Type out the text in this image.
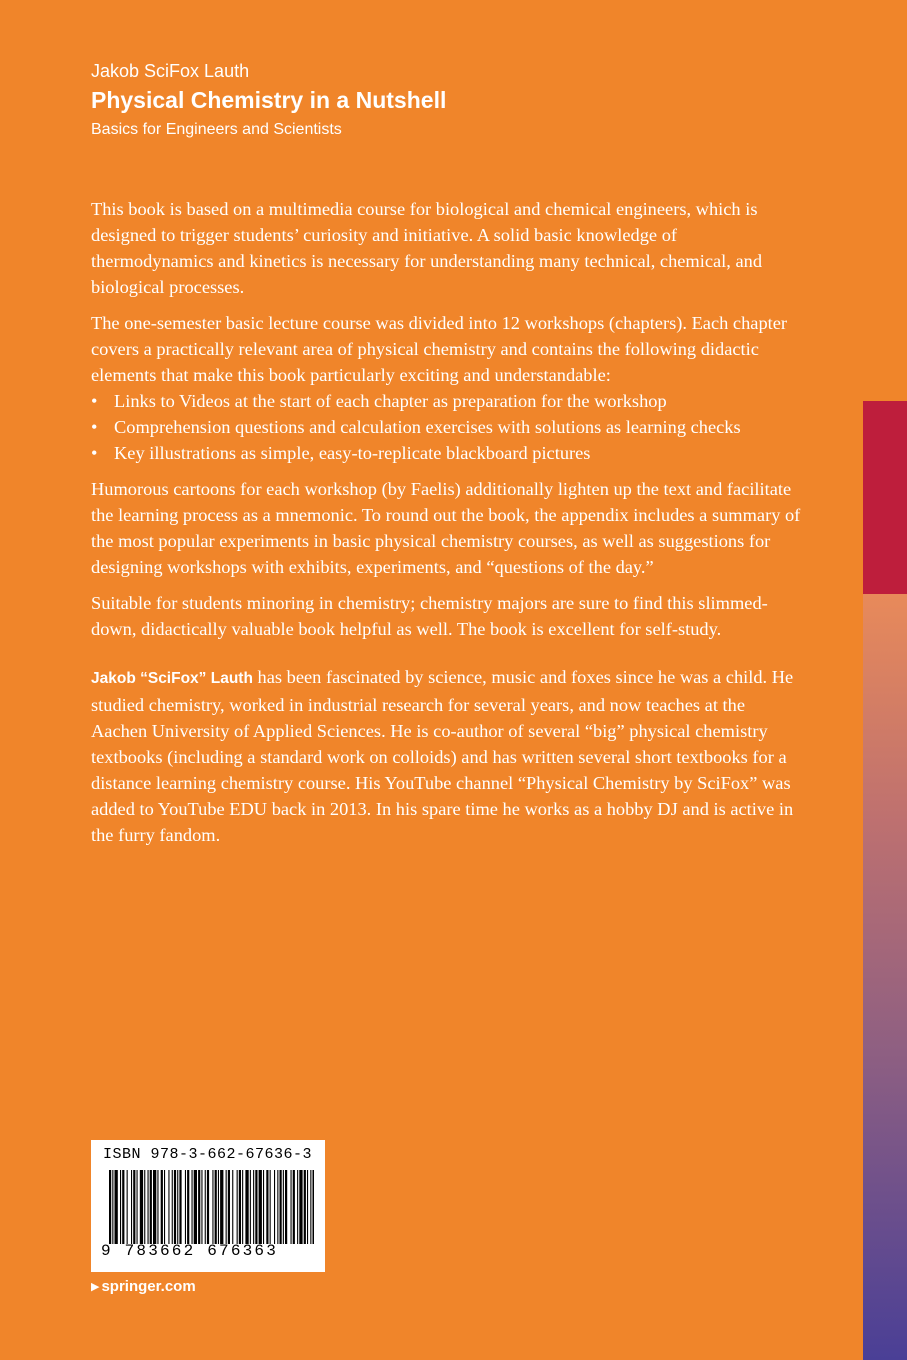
Jakob SciFox Lauth
Physical Chemistry in a Nutshell
Basics for Engineers and Scientists

This book is based on a multimedia course for biological and chemical engineers, which is designed to trigger students’ curiosity and initiative. A solid basic knowledge of thermodynamics and kinetics is necessary for understanding many technical, chemical, and biological processes.

The one-semester basic lecture course was divided into 12 workshops (chapters). Each chapter covers a practically relevant area of physical chemistry and contains the following didactic elements that make this book particularly exciting and understandable:

• Links to Videos at the start of each chapter as preparation for the workshop
• Comprehension questions and calculation exercises with solutions as learning checks
• Key illustrations as simple, easy-to-replicate blackboard pictures

Humorous cartoons for each workshop (by Faelis) additionally lighten up the text and facilitate the learning process as a mnemonic. To round out the book, the appendix includes a summary of the most popular experiments in basic physical chemistry courses, as well as suggestions for designing workshops with exhibits, experiments, and “questions of the day.”

Suitable for students minoring in chemistry; chemistry majors are sure to find this slimmed-down, didactically valuable book helpful as well. The book is excellent for self-study.

Jakob “SciFox” Lauth has been fascinated by science, music and foxes since he was a child. He studied chemistry, worked in industrial research for several years, and now teaches at the Aachen University of Applied Sciences. He is co-author of several “big” physical chemistry textbooks (including a standard work on colloids) and has written several short textbooks for a distance learning chemistry course. His YouTube channel “Physical Chemistry by SciFox” was added to YouTube EDU back in 2013. In his spare time he works as a hobby DJ and is active in the furry fandom.

ISBN 978-3-662-67636-3
9 783662 676363
▶ springer.com
